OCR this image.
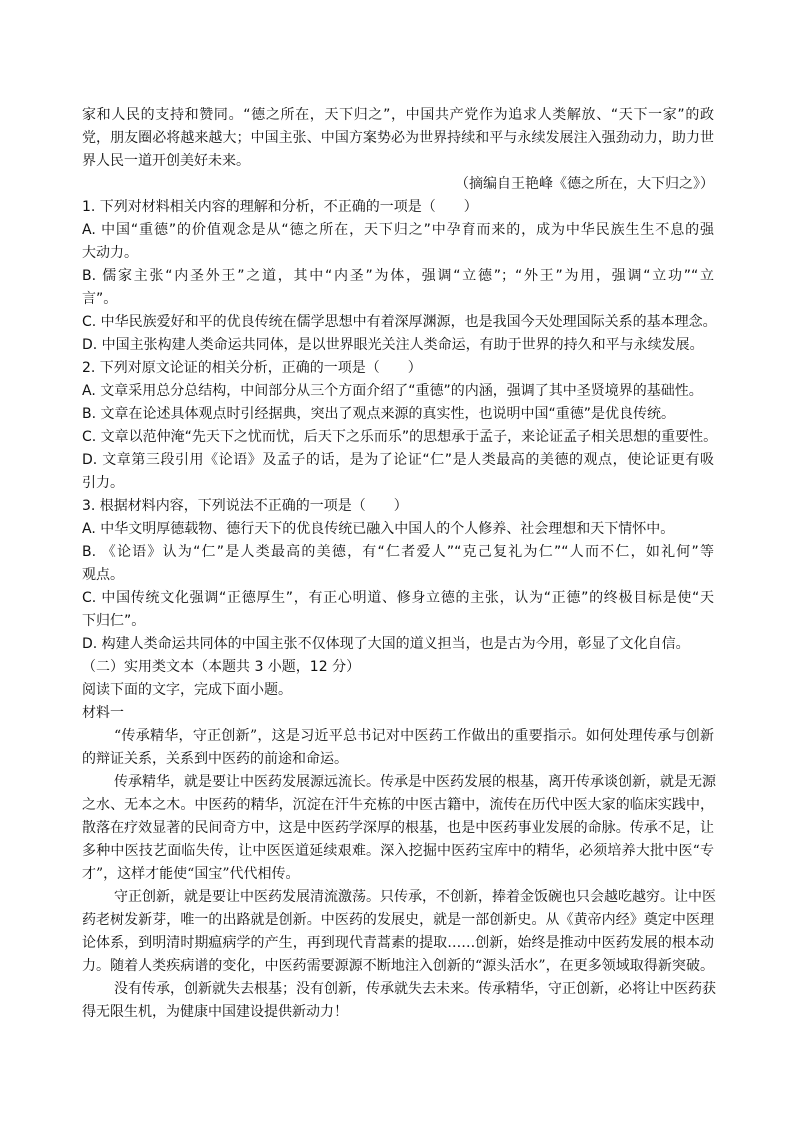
家和人民的支持和赞同。“德之所在，天下归之”，中国共产党作为追求人类解放、“天下一家”的政
党，朋友圈必将越来越大；中国主张、中国方案势必为世界持续和平与永续发展注入强劲动力，助力世
界人民一道开创美好未来。
（摘编自王艳峰《德之所在，大下归之》）
1. 下列对材料相关内容的理解和分析，不正确的一项是（　　）
A. 中国“重德”的价值观念是从“德之所在，天下归之”中孕育而来的，成为中华民族生生不息的强
大动力。
B. 儒家主张“内圣外王”之道，其中“内圣”为体，强调“立德”；“外王”为用，强调“立功”“立
言”。
C. 中华民族爱好和平的优良传统在儒学思想中有着深厚渊源，也是我国今天处理国际关系的基本理念。
D. 中国主张构建人类命运共同体，是以世界眼光关注人类命运，有助于世界的持久和平与永续发展。
2. 下列对原文论证的相关分析，正确的一项是（　　）
A. 文章采用总分总结构，中间部分从三个方面介绍了“重德”的内涵，强调了其中圣贤境界的基础性。
B. 文章在论述具体观点时引经据典，突出了观点来源的真实性，也说明中国“重德”是优良传统。
C. 文章以范仲淹“先天下之忧而忧，后天下之乐而乐”的思想承于孟子，来论证孟子相关思想的重要性。
D. 文章第三段引用《论语》及孟子的话，是为了论证“仁”是人类最高的美德的观点，使论证更有吸
引力。
3. 根据材料内容，下列说法不正确的一项是（　　）
A. 中华文明厚德载物、德行天下的优良传统已融入中国人的个人修养、社会理想和天下情怀中。
B. 《论语》认为“仁”是人类最高的美德，有“仁者爱人”“克己复礼为仁”“人而不仁，如礼何”等
观点。
C. 中国传统文化强调“正德厚生”，有正心明道、修身立德的主张，认为“正德”的终极目标是使“天
下归仁”。
D. 构建人类命运共同体的中国主张不仅体现了大国的道义担当，也是古为今用，彰显了文化自信。
（二）实用类文本（本题共 3 小题，12 分）
阅读下面的文字，完成下面小题。
材料一
“传承精华，守正创新”，这是习近平总书记对中医药工作做出的重要指示。如何处理传承与创新
的辩证关系，关系到中医药的前途和命运。
传承精华，就是要让中医药发展源远流长。传承是中医药发展的根基，离开传承谈创新，就是无源
之水、无本之木。中医药的精华，沉淀在汗牛充栋的中医古籍中，流传在历代中医大家的临床实践中，
散落在疗效显著的民间奇方中，这是中医药学深厚的根基，也是中医药事业发展的命脉。传承不足，让
多种中医技艺面临失传，让中医医道延续艰难。深入挖掘中医药宝库中的精华，必须培养大批中医“专
才”，这样才能使“国宝”代代相传。
守正创新，就是要让中医药发展清流激荡。只传承，不创新，捧着金饭碗也只会越吃越穷。让中医
药老树发新芽，唯一的出路就是创新。中医药的发展史，就是一部创新史。从《黄帝内经》奠定中医理
论体系，到明清时期瘟病学的产生，再到现代青蒿素的提取……创新，始终是推动中医药发展的根本动
力。随着人类疾病谱的变化，中医药需要源源不断地注入创新的“源头活水”，在更多领域取得新突破。
没有传承，创新就失去根基；没有创新，传承就失去未来。传承精华，守正创新，必将让中医药获
得无限生机，为健康中国建设提供新动力！
